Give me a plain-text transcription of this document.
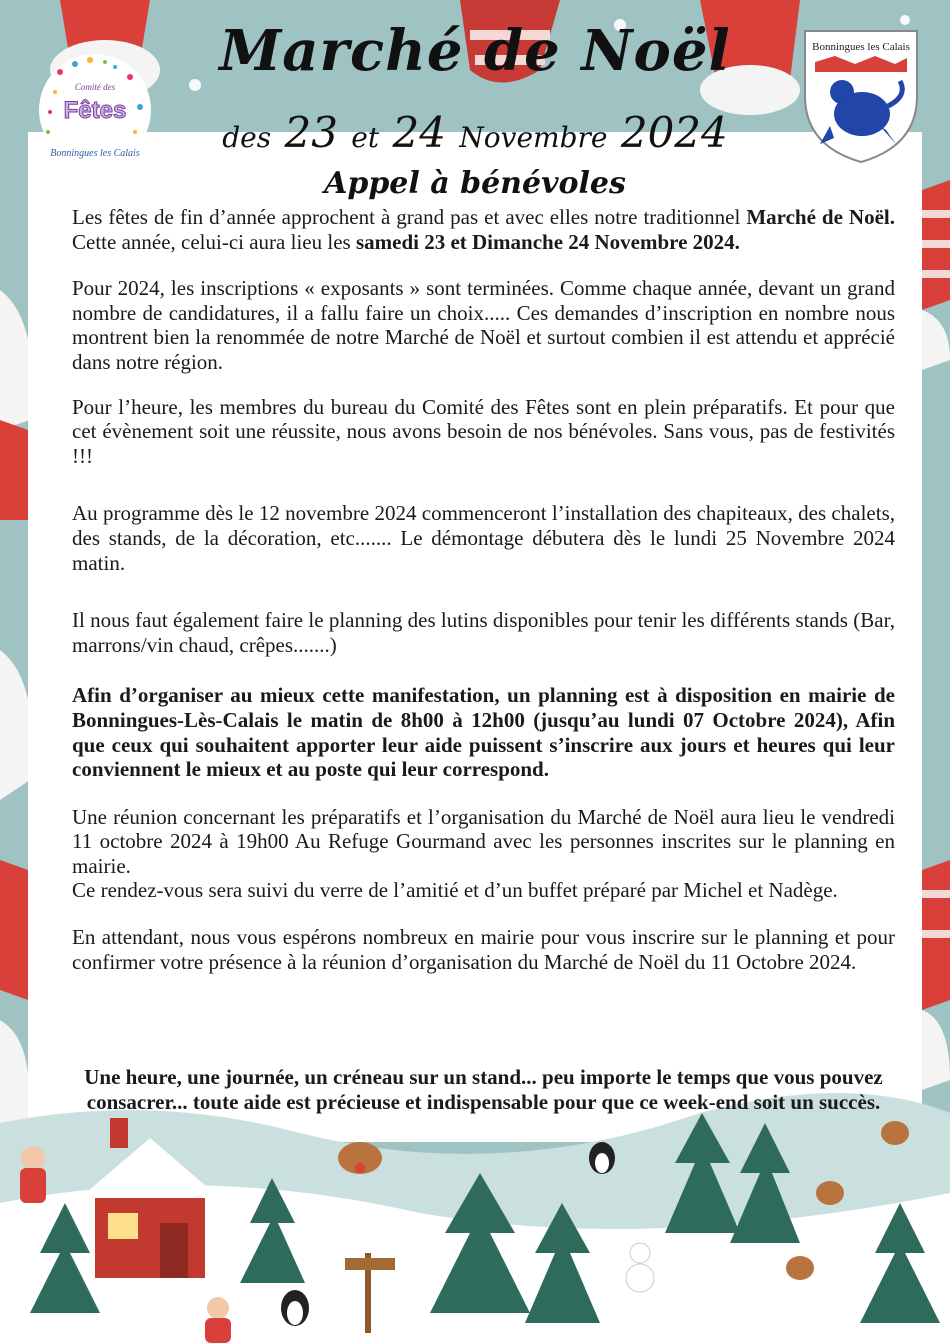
Comité des
Fêtes
Bonningues les Calais
Bonningues les Calais
Marché de Noël
des 23 et 24 Novembre 2024
Appel à bénévoles

Les fêtes de fin d’année approchent à grand pas et avec elles notre traditionnel Marché de Noël. Cette année, celui-ci aura lieu les samedi 23 et Dimanche 24 Novembre 2024.

Pour 2024, les inscriptions « exposants » sont terminées. Comme chaque année, devant un grand nombre de candidatures, il a fallu faire un choix..... Ces demandes d’inscription en nombre nous montrent bien la renommée de notre Marché de Noël et surtout combien il est attendu et apprécié dans notre région.

Pour l’heure, les membres du bureau du Comité des Fêtes sont en plein préparatifs. Et pour que cet évènement soit une réussite, nous avons besoin de nos bénévoles. Sans vous, pas de festivités !!!

Au programme dès le 12 novembre 2024 commenceront l’installation des chapiteaux, des chalets, des stands, de la décoration, etc....... Le démontage débutera dès le lundi 25 Novembre 2024 matin.

Il nous faut également faire le planning des lutins disponibles pour tenir les différents stands (Bar, marrons/vin chaud, crêpes.......)

Afin d’organiser au mieux cette manifestation, un planning est à disposition en mairie de Bonningues-Lès-Calais le matin de 8h00 à 12h00 (jusqu’au lundi 07 Octobre 2024), Afin que ceux qui souhaitent apporter leur aide puissent s’inscrire aux jours et heures qui leur conviennent le mieux et au poste qui leur correspond.

Une réunion concernant les préparatifs et l’organisation du Marché de Noël aura lieu le vendredi 11 octobre 2024 à 19h00 Au Refuge Gourmand avec les personnes inscrites sur le planning en mairie.

Ce rendez-vous sera suivi du verre de l’amitié et d’un buffet préparé par Michel et Nadège.

En attendant, nous vous espérons nombreux en mairie pour vous inscrire sur le planning et pour confirmer votre présence à la réunion d’organisation du Marché de Noël du 11 Octobre 2024.

Une heure, une journée, un créneau sur un stand... peu importe le temps que vous pouvez consacrer... toute aide est précieuse et indispensable pour que ce week-end soit un succès.
